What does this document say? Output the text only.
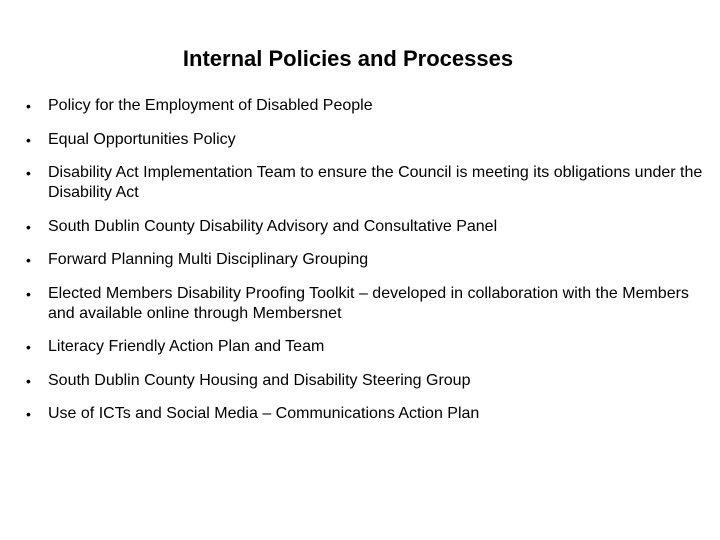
Internal Policies and Processes
•	Policy for the Employment of Disabled People
•	Equal Opportunities Policy
•	Disability Act Implementation Team to ensure the Council is meeting its obligations under the Disability Act
•	South Dublin County Disability Advisory and Consultative Panel
•	Forward Planning Multi Disciplinary Grouping
•	Elected Members Disability Proofing Toolkit – developed in collaboration with the Members and available online through Membersnet
•	Literacy Friendly Action Plan and Team
•	South Dublin County Housing and Disability Steering Group
•	Use of ICTs and Social Media – Communications Action Plan
